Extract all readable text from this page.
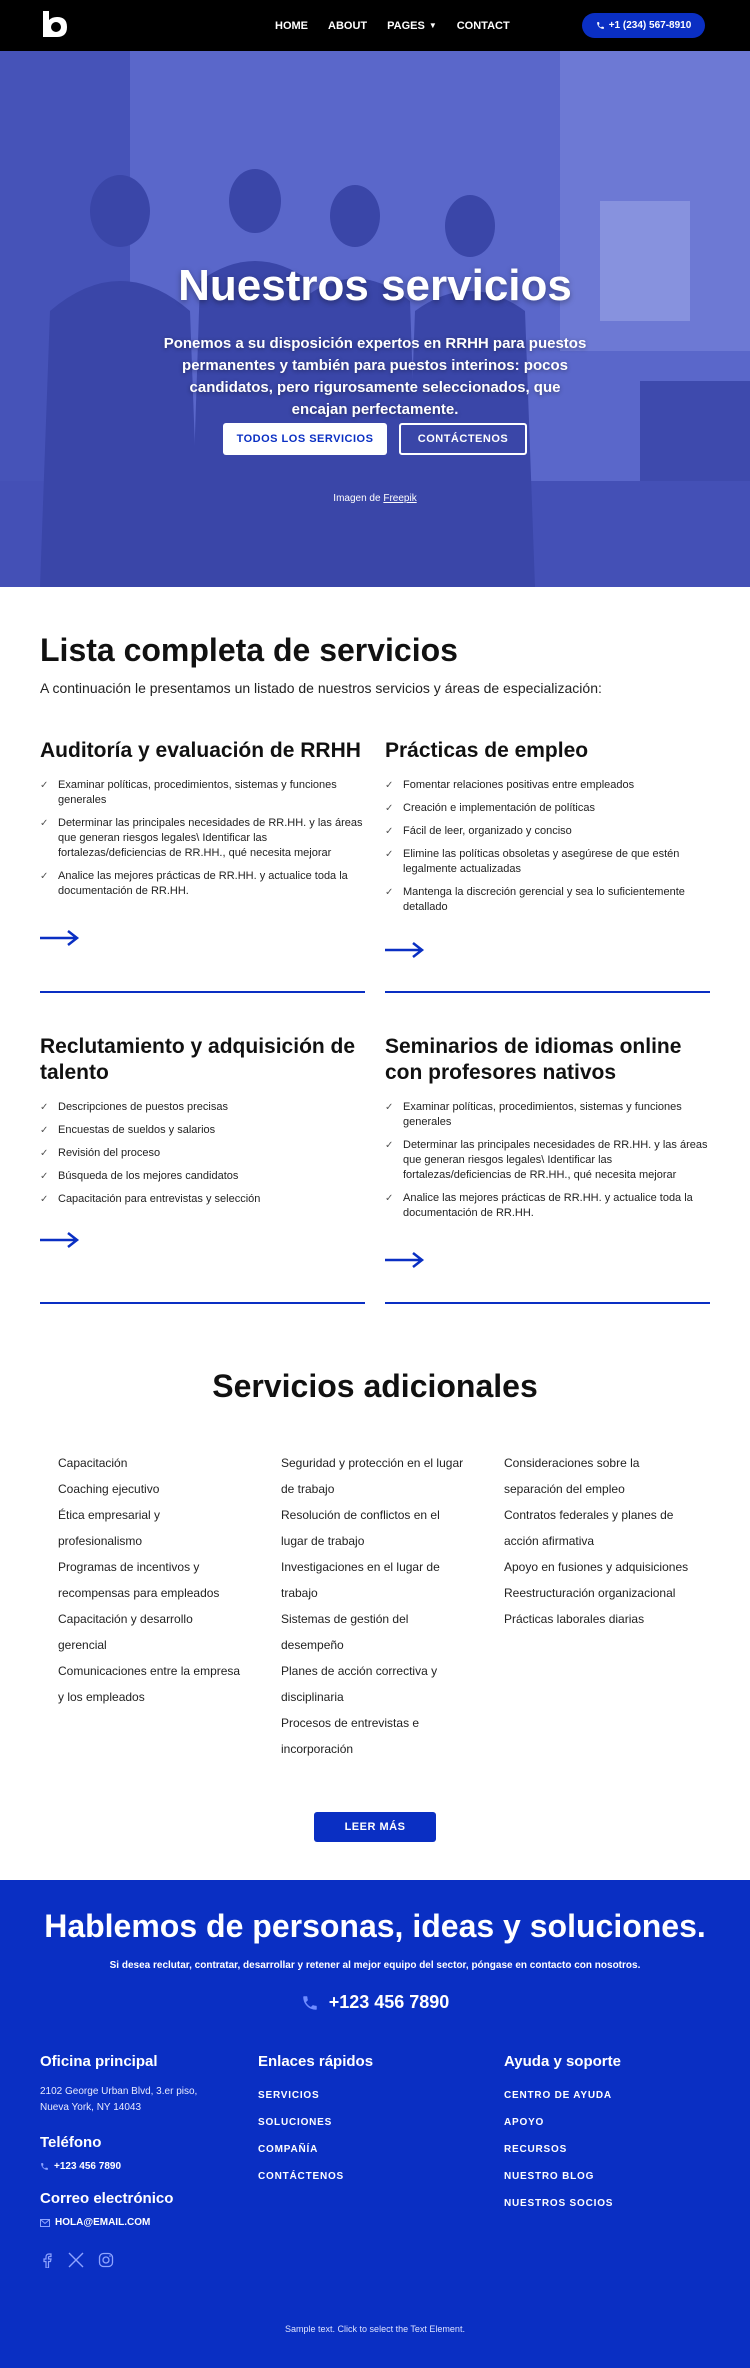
HOME ABOUT PAGES ▼ CONTACT	+1 (234) 567-8910
Nuestros servicios
Ponemos a su disposición expertos en RRHH para puestos permanentes y también para puestos interinos: pocos candidatos, pero rigurosamente seleccionados, que encajan perfectamente.
TODOS LOS SERVICIOS	CONTÁCTENOS
Imagen de Freepik
Lista completa de servicios
A continuación le presentamos un listado de nuestros servicios y áreas de especialización:
Auditoría y evaluación de RRHH
✓ Examinar políticas, procedimientos, sistemas y funciones generales
✓ Determinar las principales necesidades de RR.HH. y las áreas que generan riesgos legales\ Identificar las fortalezas/deficiencias de RR.HH., qué necesita mejorar
✓ Analice las mejores prácticas de RR.HH. y actualice toda la documentación de RR.HH.
Prácticas de empleo
✓ Fomentar relaciones positivas entre empleados
✓ Creación e implementación de políticas
✓ Fácil de leer, organizado y conciso
✓ Elimine las políticas obsoletas y asegúrese de que estén legalmente actualizadas
✓ Mantenga la discreción gerencial y sea lo suficientemente detallado
Reclutamiento y adquisición de talento
✓ Descripciones de puestos precisas
✓ Encuestas de sueldos y salarios
✓ Revisión del proceso
✓ Búsqueda de los mejores candidatos
✓ Capacitación para entrevistas y selección
Seminarios de idiomas online con profesores nativos
✓ Examinar políticas, procedimientos, sistemas y funciones generales
✓ Determinar las principales necesidades de RR.HH. y las áreas que generan riesgos legales\ Identificar las fortalezas/deficiencias de RR.HH., qué necesita mejorar
✓ Analice las mejores prácticas de RR.HH. y actualice toda la documentación de RR.HH.
Servicios adicionales
Capacitación
Coaching ejecutivo
Ética empresarial y
profesionalismo
Programas de incentivos y
recompensas para empleados
Capacitación y desarrollo
gerencial
Comunicaciones entre la empresa
y los empleados
Seguridad y protección en el lugar
de trabajo
Resolución de conflictos en el
lugar de trabajo
Investigaciones en el lugar de
trabajo
Sistemas de gestión del
desempeño
Planes de acción correctiva y
disciplinaria
Procesos de entrevistas e
incorporación
Consideraciones sobre la
separación del empleo
Contratos federales y planes de
acción afirmativa
Apoyo en fusiones y adquisiciones
Reestructuración organizacional
Prácticas laborales diarias
LEER MÁS
Hablemos de personas, ideas y soluciones.
Si desea reclutar, contratar, desarrollar y retener al mejor equipo del sector, póngase en contacto con nosotros.
+123 456 7890
Oficina principal
2102 George Urban Blvd, 3.er piso,
Nueva York, NY 14043
Teléfono
+123 456 7890
Correo electrónico
HOLA@EMAIL.COM
Enlaces rápidos
SERVICIOS
SOLUCIONES
COMPAÑÍA
CONTÁCTENOS
Ayuda y soporte
CENTRO DE AYUDA
APOYO
RECURSOS
NUESTRO BLOG
NUESTROS SOCIOS
Sample text. Click to select the Text Element.
